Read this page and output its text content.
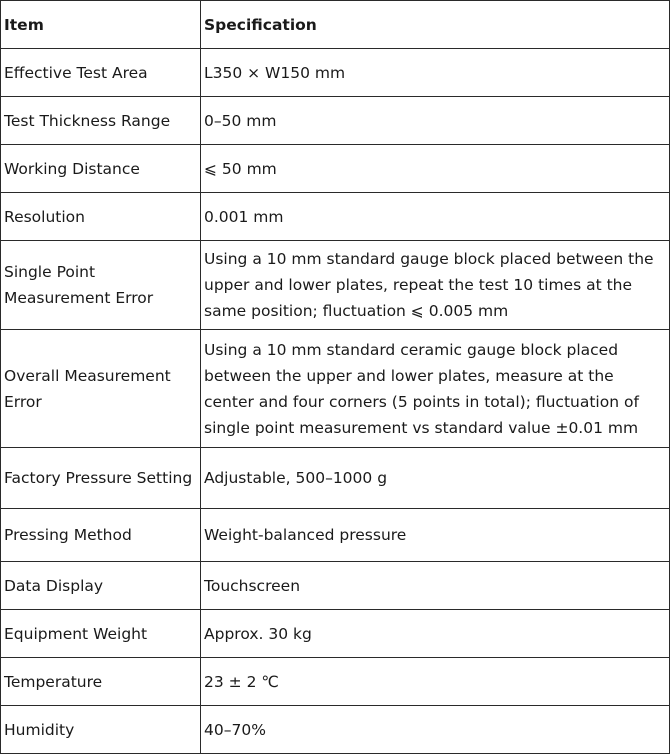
Item	Specification
Effective Test Area	L350 × W150 mm
Test Thickness Range	0–50 mm
Working Distance	⩽ 50 mm
Resolution	0.001 mm
Single Point Measurement Error	Using a 10 mm standard gauge block placed between the upper and lower plates, repeat the test 10 times at the same position; fluctuation ⩽ 0.005 mm
Overall Measurement Error	Using a 10 mm standard ceramic gauge block placed between the upper and lower plates, measure at the center and four corners (5 points in total); fluctuation of single point measurement vs standard value ±0.01 mm
Factory Pressure Setting	Adjustable, 500–1000 g
Pressing Method	Weight-balanced pressure
Data Display	Touchscreen
Equipment Weight	Approx. 30 kg
Temperature	23 ± 2 ℃
Humidity	40–70%
